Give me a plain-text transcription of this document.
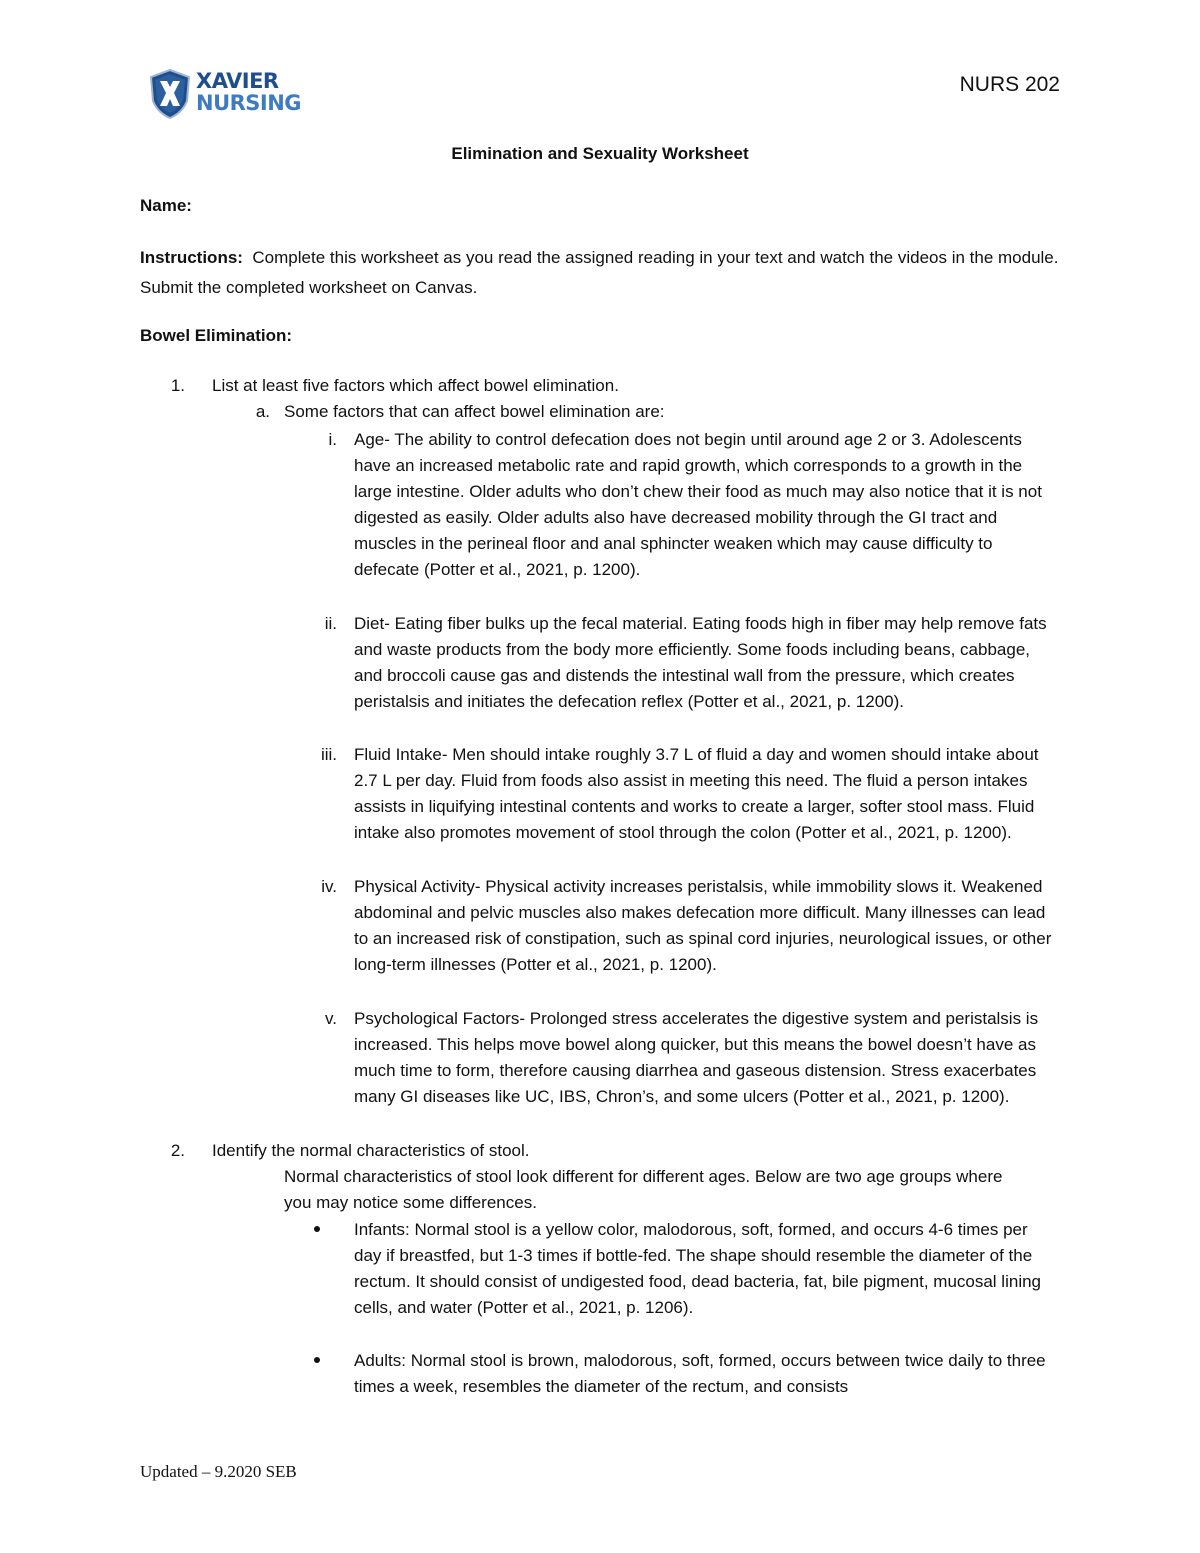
XAVIER
NURSING
NURS 202
Elimination and Sexuality Worksheet
Name:
Instructions: Complete this worksheet as you read the assigned reading in your text and watch the videos in the module. Submit the completed worksheet on Canvas.
Bowel Elimination:
1. List at least five factors which affect bowel elimination.
a. Some factors that can affect bowel elimination are:
i. Age- The ability to control defecation does not begin until around age 2 or 3. Adolescents have an increased metabolic rate and rapid growth, which corresponds to a growth in the large intestine. Older adults who don’t chew their food as much may also notice that it is not digested as easily. Older adults also have decreased mobility through the GI tract and muscles in the perineal floor and anal sphincter weaken which may cause difficulty to defecate (Potter et al., 2021, p. 1200).
ii. Diet- Eating fiber bulks up the fecal material. Eating foods high in fiber may help remove fats and waste products from the body more efficiently. Some foods including beans, cabbage, and broccoli cause gas and distends the intestinal wall from the pressure, which creates peristalsis and initiates the defecation reflex (Potter et al., 2021, p. 1200).
iii. Fluid Intake- Men should intake roughly 3.7 L of fluid a day and women should intake about 2.7 L per day. Fluid from foods also assist in meeting this need. The fluid a person intakes assists in liquifying intestinal contents and works to create a larger, softer stool mass. Fluid intake also promotes movement of stool through the colon (Potter et al., 2021, p. 1200).
iv. Physical Activity- Physical activity increases peristalsis, while immobility slows it. Weakened abdominal and pelvic muscles also makes defecation more difficult. Many illnesses can lead to an increased risk of constipation, such as spinal cord injuries, neurological issues, or other long-term illnesses (Potter et al., 2021, p. 1200).
v. Psychological Factors- Prolonged stress accelerates the digestive system and peristalsis is increased. This helps move bowel along quicker, but this means the bowel doesn’t have as much time to form, therefore causing diarrhea and gaseous distension. Stress exacerbates many GI diseases like UC, IBS, Chron’s, and some ulcers (Potter et al., 2021, p. 1200).
2. Identify the normal characteristics of stool.
Normal characteristics of stool look different for different ages. Below are two age groups where you may notice some differences.
Infants: Normal stool is a yellow color, malodorous, soft, formed, and occurs 4-6 times per day if breastfed, but 1-3 times if bottle-fed. The shape should resemble the diameter of the rectum. It should consist of undigested food, dead bacteria, fat, bile pigment, mucosal lining cells, and water (Potter et al., 2021, p. 1206).
Adults: Normal stool is brown, malodorous, soft, formed, occurs between twice daily to three times a week, resembles the diameter of the rectum, and consists
Updated – 9.2020 SEB
